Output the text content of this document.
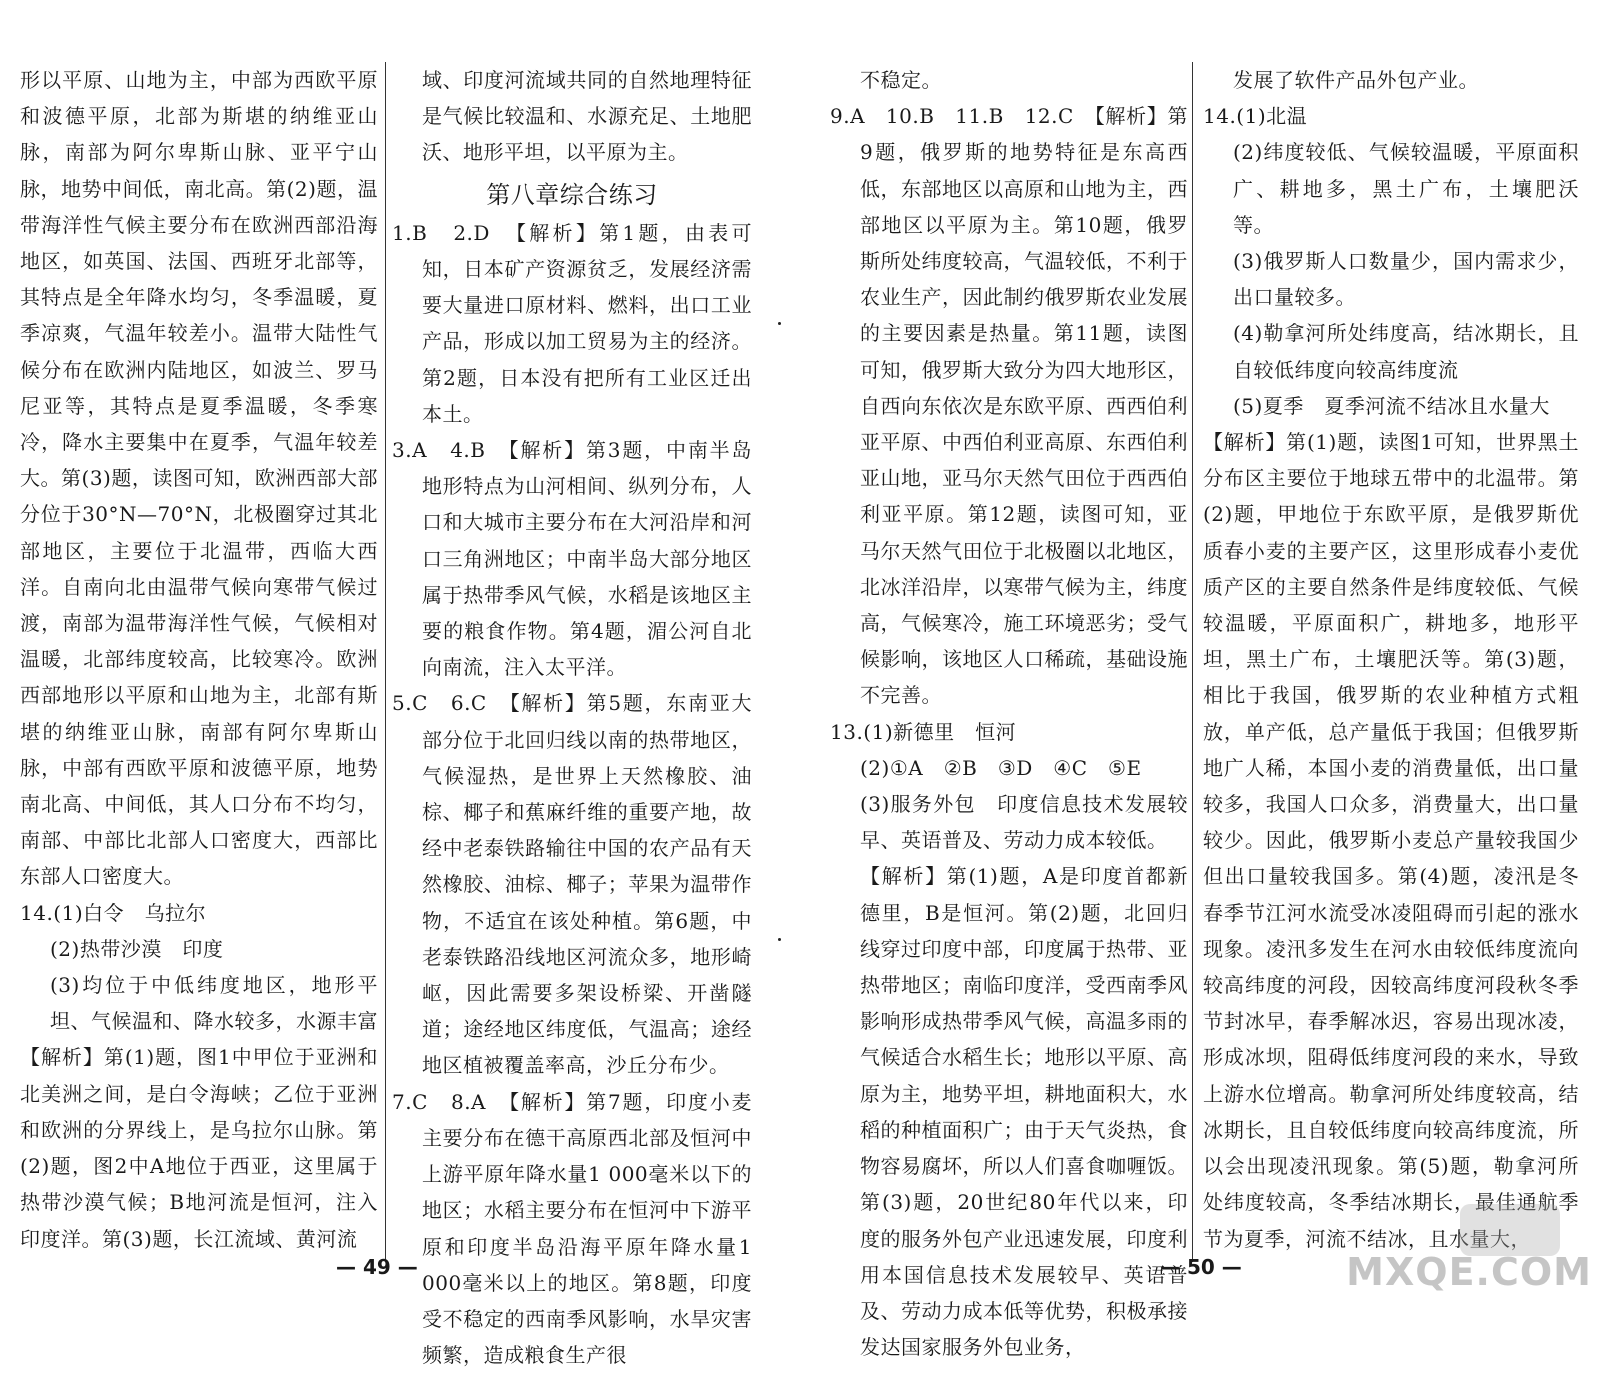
形以平原、山地为主，中部为西欧平原和波德平原，北部为斯堪的纳维亚山脉，南部为阿尔卑斯山脉、亚平宁山脉，地势中间低，南北高。第(2)题，温带海洋性气候主要分布在欧洲西部沿海地区，如英国、法国、西班牙北部等，其特点是全年降水均匀，冬季温暖，夏季凉爽，气温年较差小。温带大陆性气候分布在欧洲内陆地区，如波兰、罗马尼亚等，其特点是夏季温暖，冬季寒冷，降水主要集中在夏季，气温年较差大。第(3)题，读图可知，欧洲西部大部分位于30°N—70°N，北极圈穿过其北部地区，主要位于北温带，西临大西洋。自南向北由温带气候向寒带气候过渡，南部为温带海洋性气候，气候相对温暖，北部纬度较高，比较寒冷。欧洲西部地形以平原和山地为主，北部有斯堪的纳维亚山脉，南部有阿尔卑斯山脉，中部有西欧平原和波德平原，地势南北高、中间低，其人口分布不均匀，南部、中部比北部人口密度大，西部比东部人口密度大。

14.(1)白令　乌拉尔

(2)热带沙漠　印度

(3)均位于中低纬度地区，地形平坦、气候温和、降水较多，水源丰富

【解析】第(1)题，图1中甲位于亚洲和北美洲之间，是白令海峡；乙位于亚洲和欧洲的分界线上，是乌拉尔山脉。第(2)题，图2中A地位于西亚，这里属于热带沙漠气候；B地河流是恒河，注入印度洋。第(3)题，长江流域、黄河流

域、印度河流域共同的自然地理特征是气候比较温和、水源充足、土地肥沃、地形平坦，以平原为主。

第八章综合练习

1.B　2.D　【解析】第1题，由表可知，日本矿产资源贫乏，发展经济需要大量进口原材料、燃料，出口工业产品，形成以加工贸易为主的经济。第2题，日本没有把所有工业区迁出本土。

3.A　4.B　【解析】第3题，中南半岛地形特点为山河相间、纵列分布，人口和大城市主要分布在大河沿岸和河口三角洲地区；中南半岛大部分地区属于热带季风气候，水稻是该地区主要的粮食作物。第4题，湄公河自北向南流，注入太平洋。

5.C　6.C　【解析】第5题，东南亚大部分位于北回归线以南的热带地区，气候湿热，是世界上天然橡胶、油棕、椰子和蕉麻纤维的重要产地，故经中老泰铁路输往中国的农产品有天然橡胶、油棕、椰子；苹果为温带作物，不适宜在该处种植。第6题，中老泰铁路沿线地区河流众多，地形崎岖，因此需要多架设桥梁、开凿隧道；途经地区纬度低，气温高；途经地区植被覆盖率高，沙丘分布少。

7.C　8.A　【解析】第7题，印度小麦主要分布在德干高原西北部及恒河中上游平原年降水量1 000毫米以下的地区；水稻主要分布在恒河中下游平原和印度半岛沿海平原年降水量1 000毫米以上的地区。第8题，印度受不稳定的西南季风影响，水旱灾害频繁，造成粮食生产很

— 49 —

不稳定。

9.A　10.B　11.B　12.C　【解析】第9题，俄罗斯的地势特征是东高西低，东部地区以高原和山地为主，西部地区以平原为主。第10题，俄罗斯所处纬度较高，气温较低，不利于农业生产，因此制约俄罗斯农业发展的主要因素是热量。第11题，读图可知，俄罗斯大致分为四大地形区，自西向东依次是东欧平原、西西伯利亚平原、中西伯利亚高原、东西伯利亚山地，亚马尔天然气田位于西西伯利亚平原。第12题，读图可知，亚马尔天然气田位于北极圈以北地区，北冰洋沿岸，以寒带气候为主，纬度高，气候寒冷，施工环境恶劣；受气候影响，该地区人口稀疏，基础设施不完善。

13.(1)新德里　恒河

(2)①A　②B　③D　④C　⑤E

(3)服务外包　印度信息技术发展较早、英语普及、劳动力成本较低。

【解析】第(1)题，A是印度首都新德里，B是恒河。第(2)题，北回归线穿过印度中部，印度属于热带、亚热带地区；南临印度洋，受西南季风影响形成热带季风气候，高温多雨的气候适合水稻生长；地形以平原、高原为主，地势平坦，耕地面积大，水稻的种植面积广；由于天气炎热，食物容易腐坏，所以人们喜食咖喱饭。第(3)题，20世纪80年代以来，印度的服务外包产业迅速发展，印度利用本国信息技术发展较早、英语普及、劳动力成本低等优势，积极承接发达国家服务外包业务，

发展了软件产品外包产业。

14.(1)北温

(2)纬度较低、气候较温暖，平原面积广、耕地多，黑土广布，土壤肥沃等。

(3)俄罗斯人口数量少，国内需求少，出口量较多。

(4)勒拿河所处纬度高，结冰期长，且自较低纬度向较高纬度流

(5)夏季　夏季河流不结冰且水量大

【解析】第(1)题，读图1可知，世界黑土分布区主要位于地球五带中的北温带。第(2)题，甲地位于东欧平原，是俄罗斯优质春小麦的主要产区，这里形成春小麦优质产区的主要自然条件是纬度较低、气候较温暖，平原面积广，耕地多，地形平坦，黑土广布，土壤肥沃等。第(3)题，相比于我国，俄罗斯的农业种植方式粗放，单产低，总产量低于我国；但俄罗斯地广人稀，本国小麦的消费量低，出口量较多，我国人口众多，消费量大，出口量较少。因此，俄罗斯小麦总产量较我国少但出口量较我国多。第(4)题，凌汛是冬春季节江河水流受冰凌阻碍而引起的涨水现象。凌汛多发生在河水由较低纬度流向较高纬度的河段，因较高纬度河段秋冬季节封冰早，春季解冰迟，容易出现冰凌，形成冰坝，阻碍低纬度河段的来水，导致上游水位增高。勒拿河所处纬度较高，结冰期长，且自较低纬度向较高纬度流，所以会出现凌汛现象。第(5)题，勒拿河所处纬度较高，冬季结冰期长，最佳通航季节为夏季，河流不结冰，且水量大，

— 50 —	MXQE.COM
